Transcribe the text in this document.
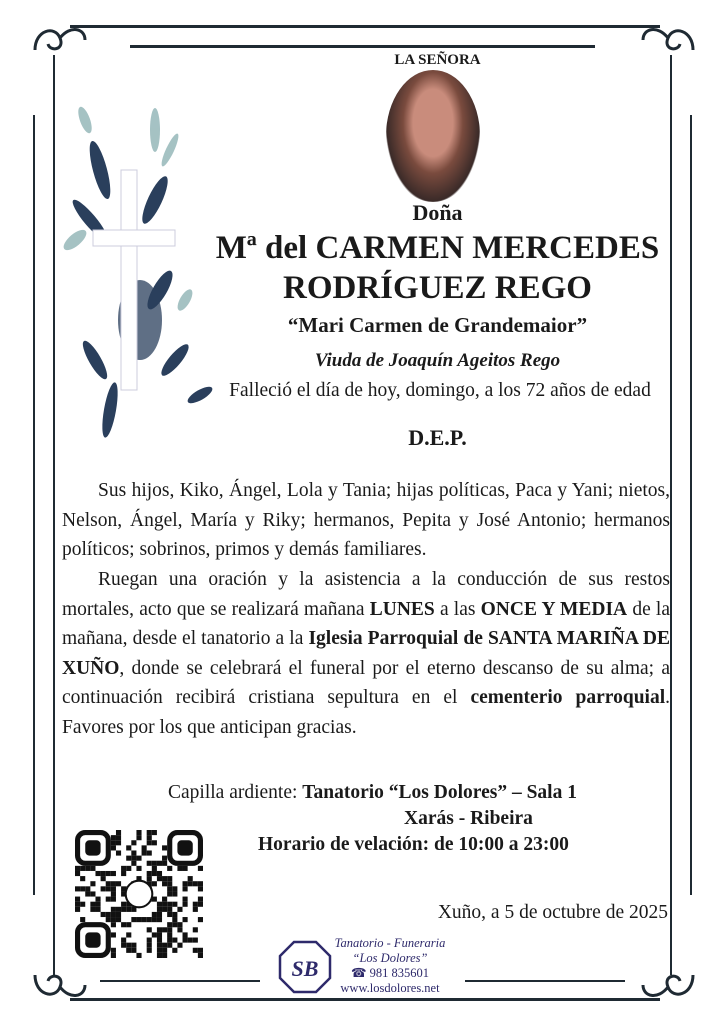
LA SEÑORA
Doña
Mª del CARMEN MERCEDES
RODRÍGUEZ REGO
“Mari Carmen de Grandemaior”
Viuda de Joaquín Ageitos Rego
Falleció el día de hoy, domingo, a los 72 años de edad
D.E.P.
Sus hijos, Kiko, Ángel, Lola y Tania; hijas políticas, Paca y Yani; nietos, Nelson, Ángel, María y Riky; hermanos, Pepita y José Antonio; hermanos políticos; sobrinos, primos y demás familiares.
Ruegan una oración y la asistencia a la conducción de sus restos mortales, acto que se realizará mañana LUNES a las ONCE Y MEDIA de la mañana, desde el tanatorio a la Iglesia Parroquial de SANTA MARIÑA DE XUÑO, donde se celebrará el funeral por el eterno descanso de su alma; a continuación recibirá cristiana sepultura en el cementerio parroquial. Favores por los que anticipan gracias.
Capilla ardiente: Tanatorio “Los Dolores” – Sala 1
Xarás - Ribeira
Horario de velación: de 10:00 a 23:00
Xuño, a 5 de octubre de 2025
SB
Tanatorio - Funeraria
“Los Dolores”
☎ 981 835601
www.losdolores.net
